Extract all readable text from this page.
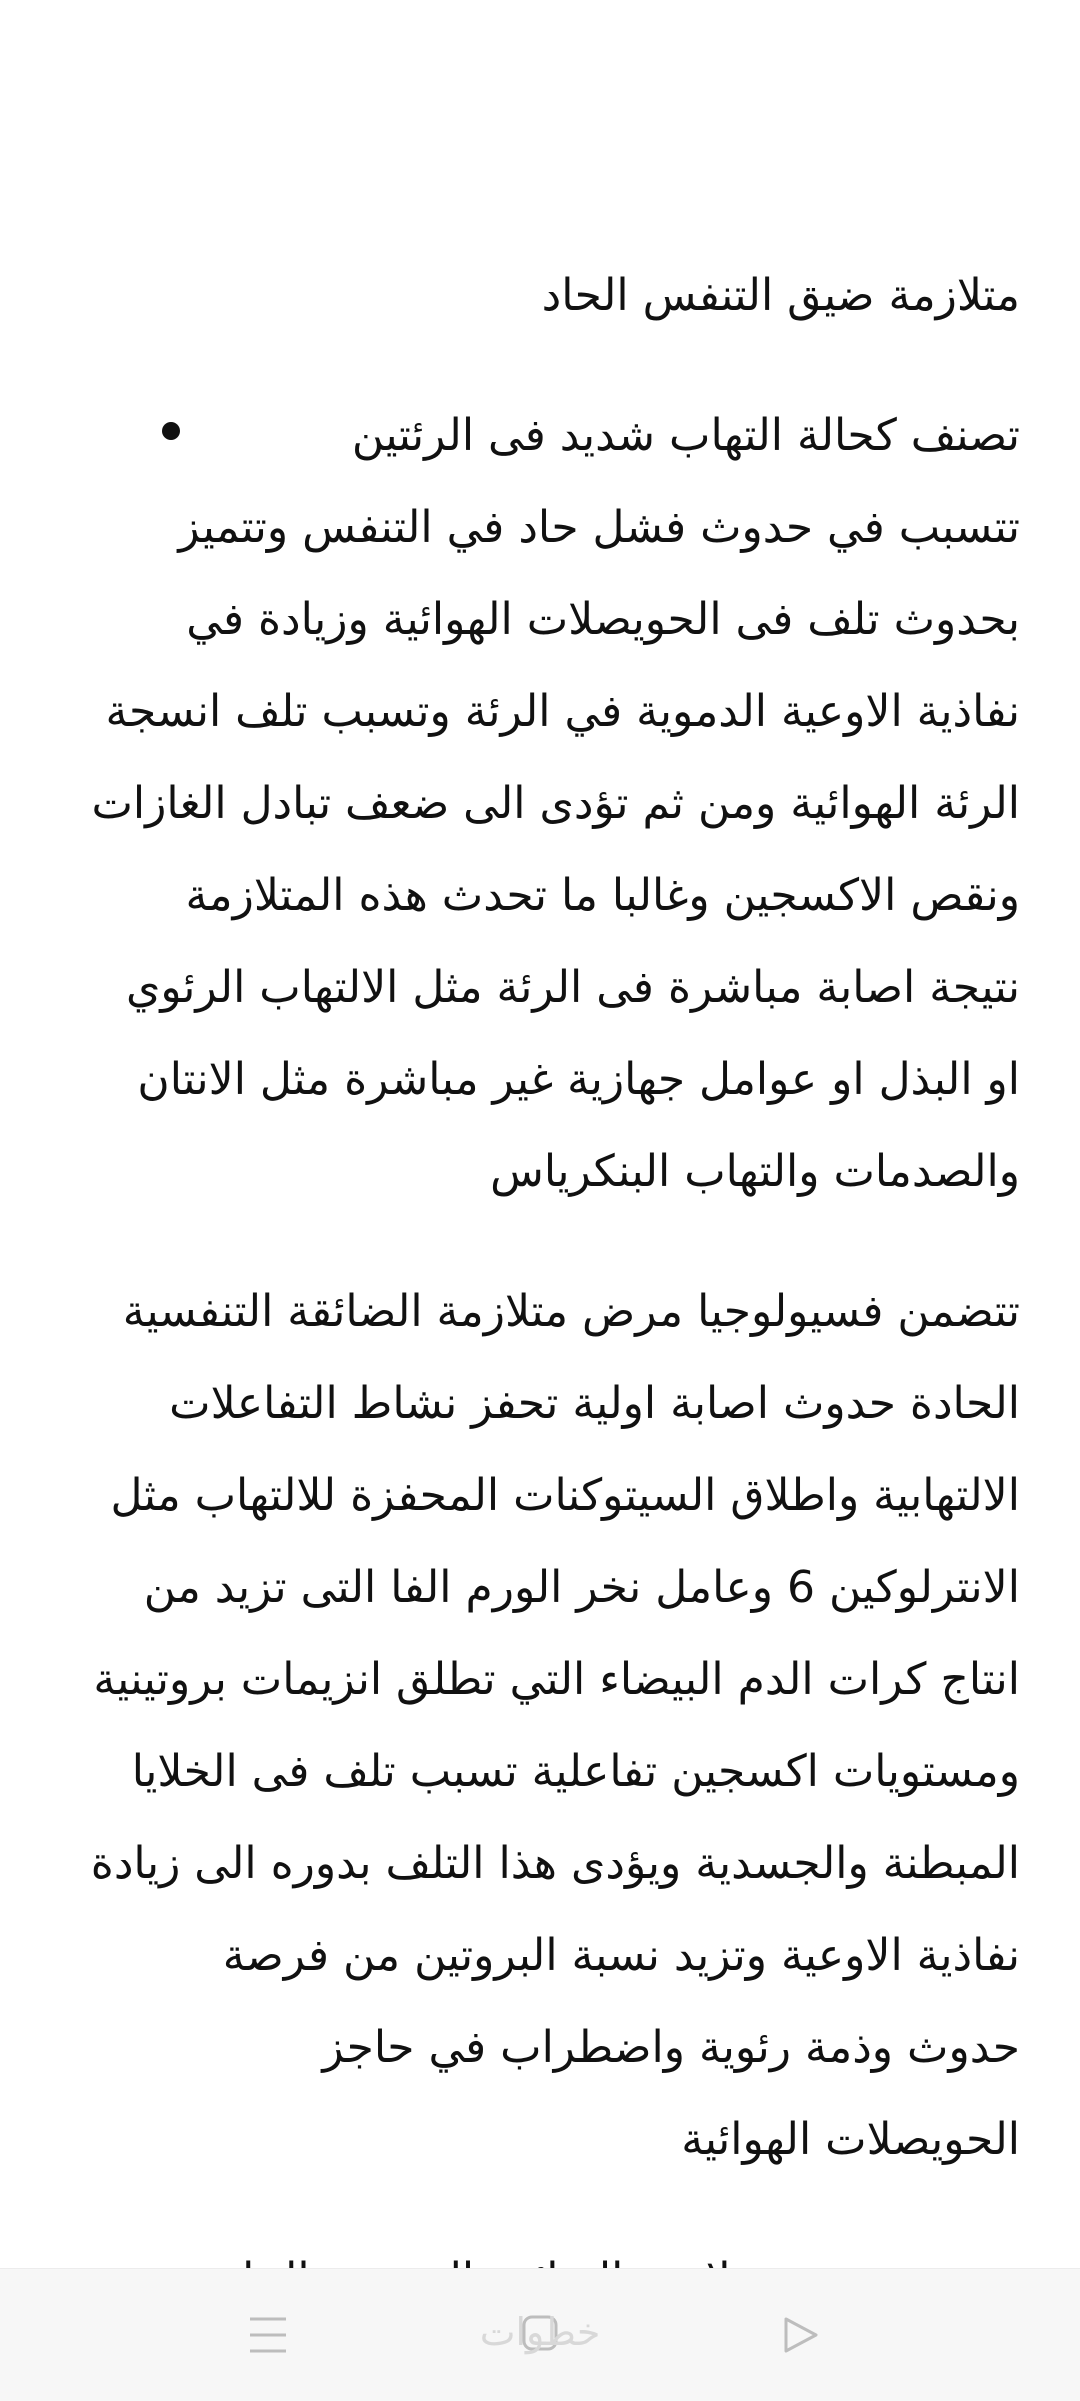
متلازمة ضيق التنفس الحاد

تصنف كحالة التهاب شديد فى الرئتين

تتسبب في حدوث فشل حاد في التنفس وتتميز

بحدوث تلف فى الحويصلات الهوائية وزيادة في

نفاذية الاوعية الدموية في الرئة وتسبب تلف انسجة

الرئة الهوائية ومن ثم تؤدى الى ضعف تبادل الغازات

ونقص الاكسجين وغالبا ما تحدث هذه المتلازمة

نتيجة اصابة مباشرة فى الرئة مثل الالتهاب الرئوي

او البذل او عوامل جهازية غير مباشرة مثل الانتان

والصدمات والتهاب البنكرياس

تتضمن فسيولوجيا مرض متلازمة الضائقة التنفسية

الحادة حدوث اصابة اولية تحفز نشاط التفاعلات

الالتهابية واطلاق السيتوكنات المحفزة للالتهاب مثل

الانترلوكين 6 وعامل نخر الورم الفا التى تزيد من

انتاج كرات الدم البيضاء التي تطلق انزيمات بروتينية

ومستويات اكسجين تفاعلية تسبب تلف فى الخلايا

المبطنة والجسدية ويؤدى هذا التلف بدوره الى زيادة

نفاذية الاوعية وتزيد نسبة البروتين من فرصة

حدوث وذمة رئوية واضطراب في حاجز

الحويصلات الهوائية

خطوات
